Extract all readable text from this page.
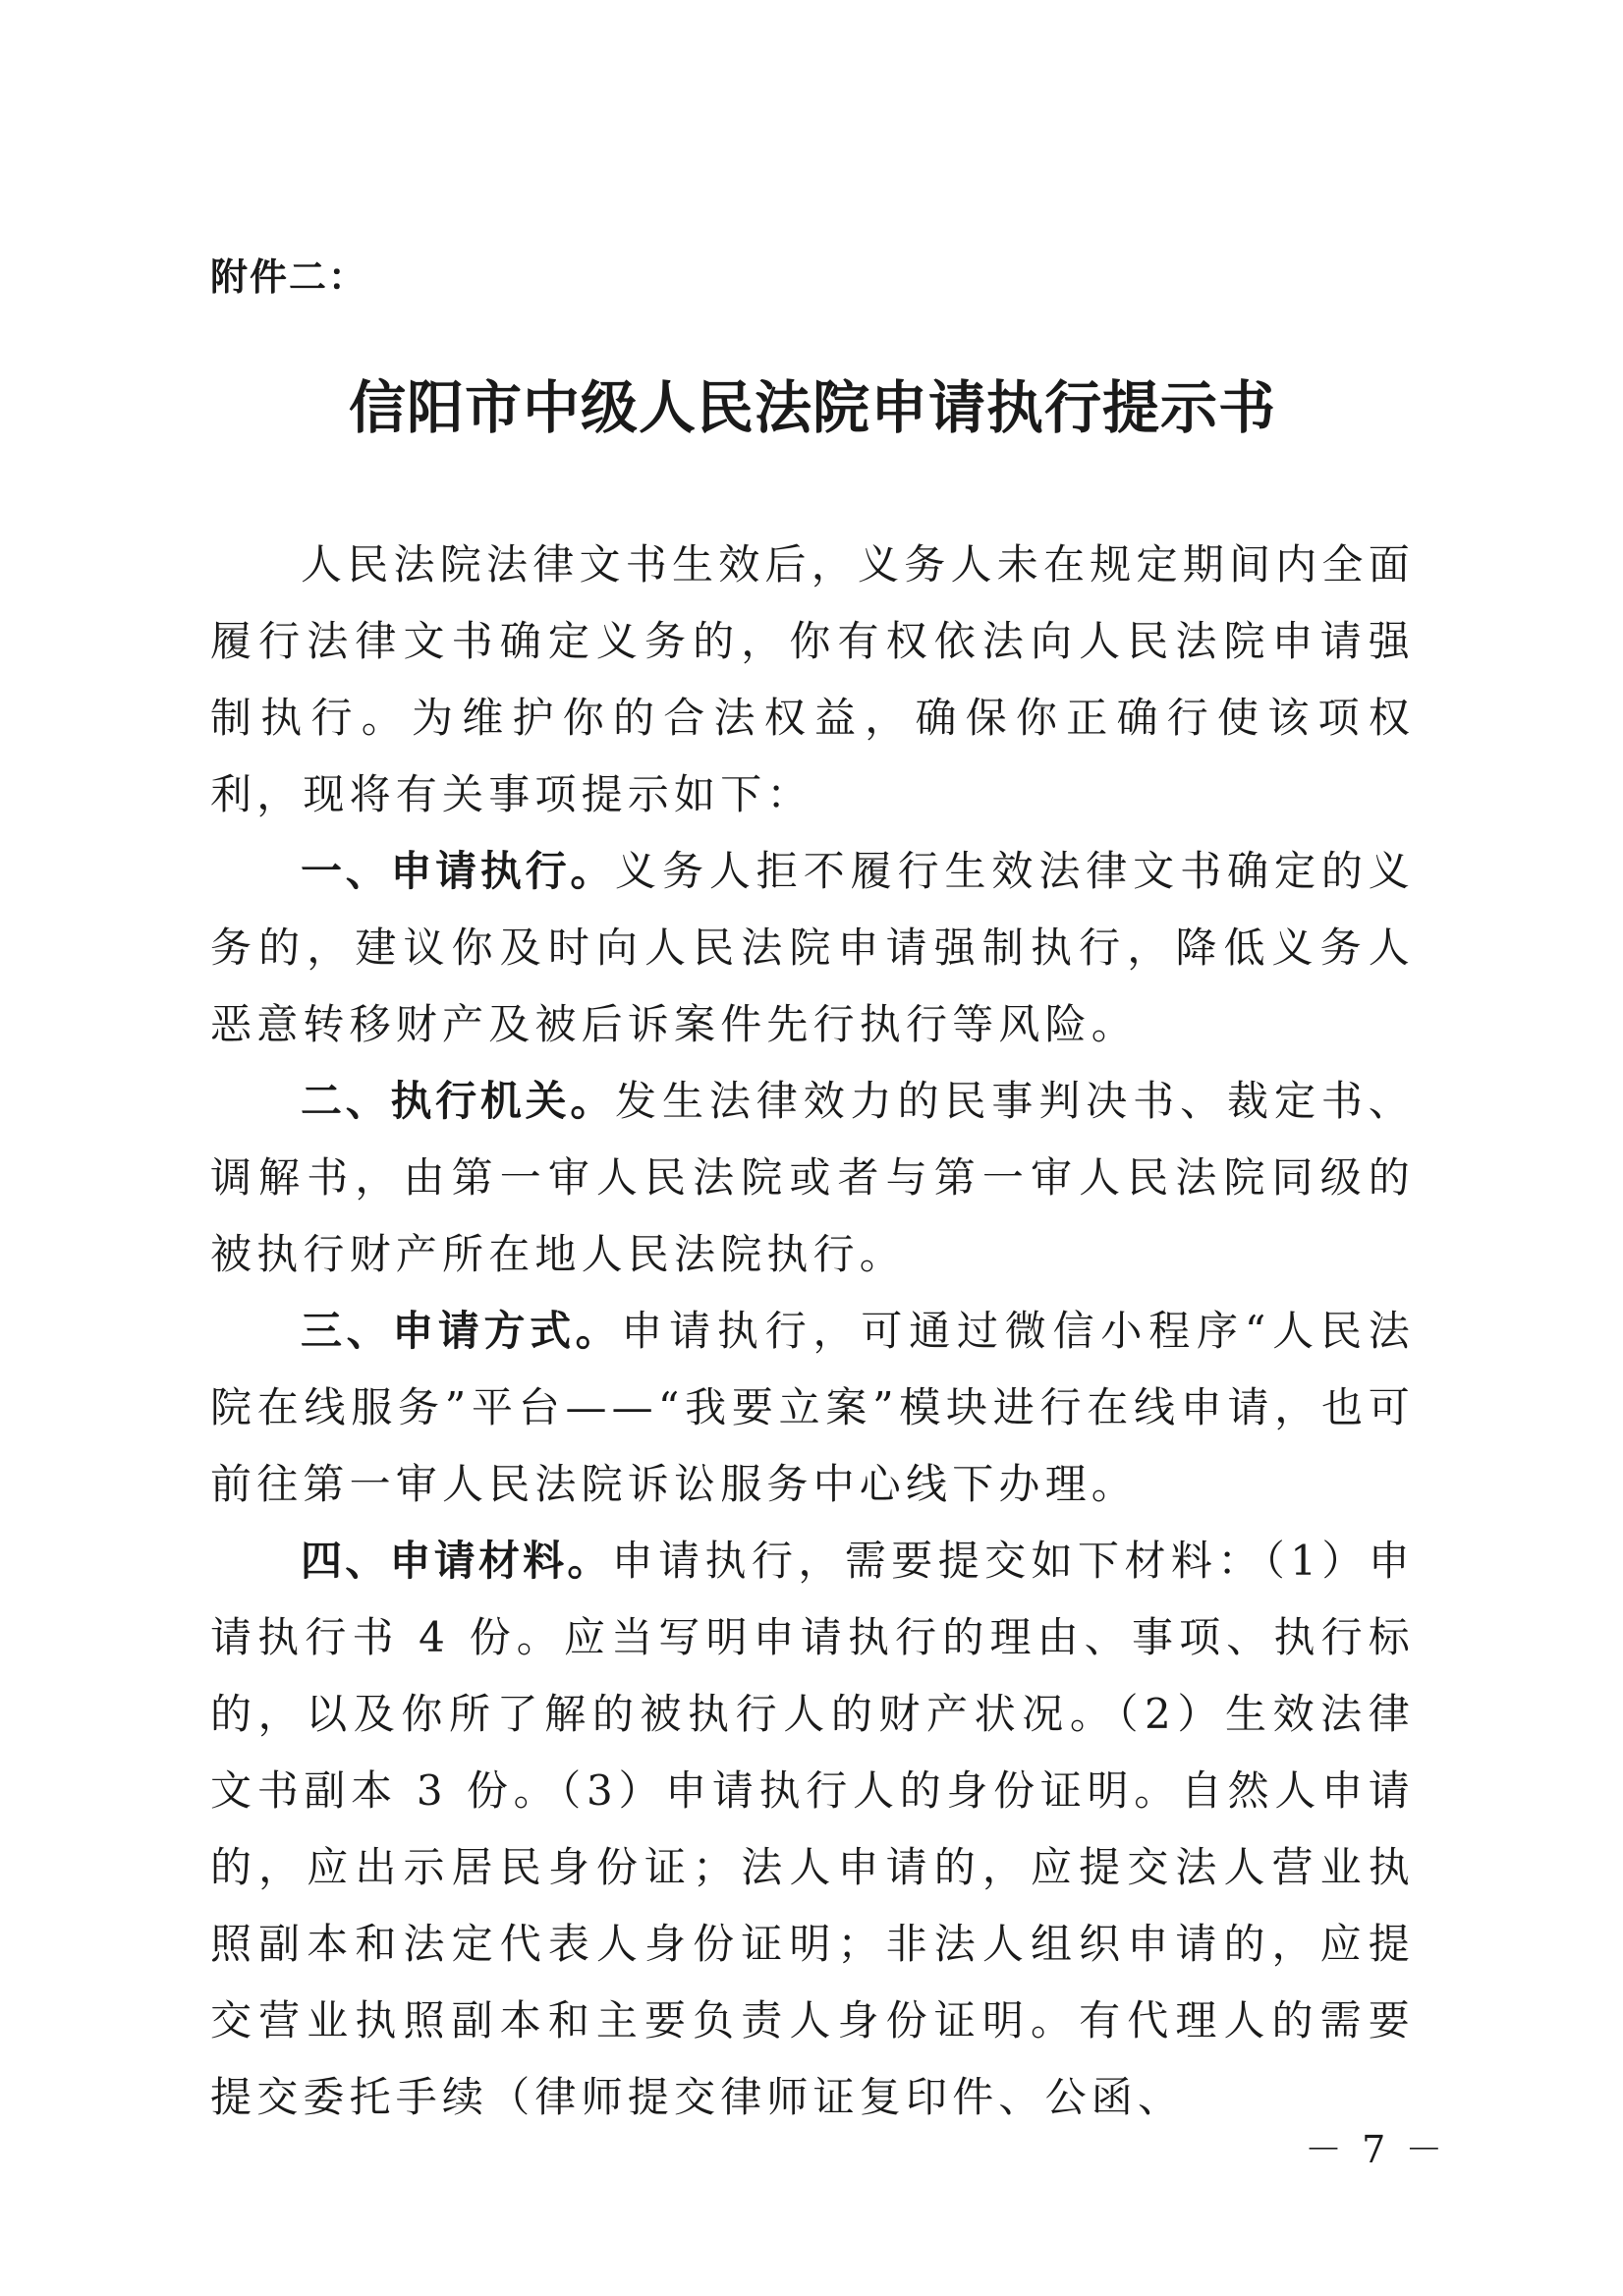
附件二：
信阳市中级人民法院申请执行提示书

人民法院法律文书生效后，义务人未在规定期间内全面履行法律文书确定义务的，你有权依法向人民法院申请强制执行。为维护你的合法权益，确保你正确行使该项权利，现将有关事项提示如下：

一、申请执行。义务人拒不履行生效法律文书确定的义务的，建议你及时向人民法院申请强制执行，降低义务人恶意转移财产及被后诉案件先行执行等风险。

二、执行机关。发生法律效力的民事判决书、裁定书、调解书，由第一审人民法院或者与第一审人民法院同级的被执行财产所在地人民法院执行。

三、申请方式。申请执行，可通过微信小程序“人民法院在线服务”平台——“我要立案”模块进行在线申请，也可前往第一审人民法院诉讼服务中心线下办理。

四、申请材料。申请执行，需要提交如下材料：（1）申请执行书 4 份。应当写明申请执行的理由、事项、执行标的，以及你所了解的被执行人的财产状况。（2）生效法律文书副本 3 份。（3）申请执行人的身份证明。自然人申请的，应出示居民身份证；法人申请的，应提交法人营业执照副本和法定代表人身份证明；非法人组织申请的，应提交营业执照副本和主要负责人身份证明。有代理人的需要提交委托手续（律师提交律师证复印件、公函、

－ 7 －
